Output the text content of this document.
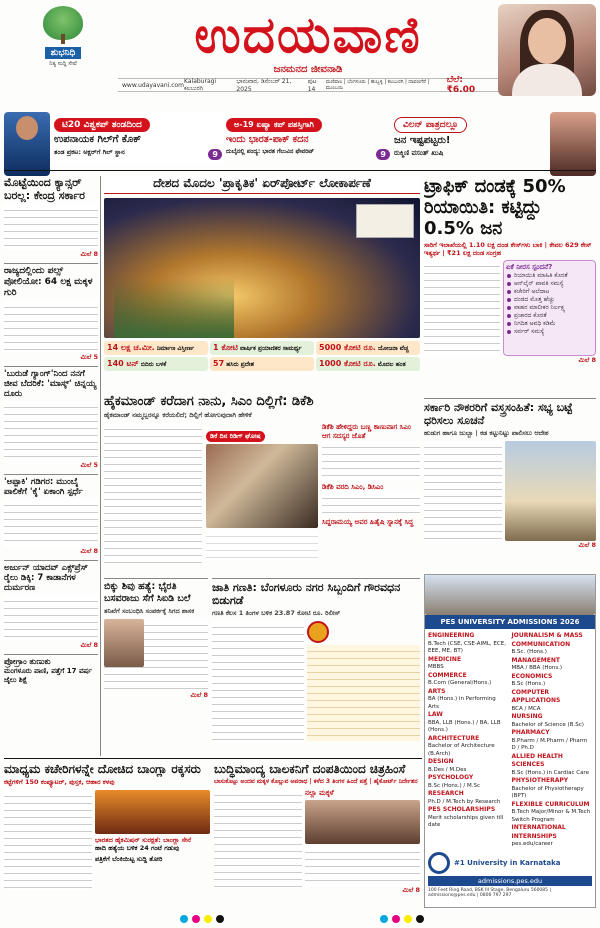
ಶುಭನಿಧಿ
ನಿತ್ಯ ಸುದ್ದಿ ಸೇವೆ	ಉದಯವಾಣಿ
ಜನಮನದ ಜೀವನಾಡಿ
www.udayavani.com
Kalaburagi ಕಲಬುರಗಿ
ಭಾನುವಾರ, ಡಿಸೆಂಬರ್ 21, 2025
ಪುಟ 14
ಮಣಿಪಾಲ | ಬೆಂಗಳೂರು | ಹುಬ್ಬಳ್ಳಿ | ಕಲಬುರಗಿ | ದಾವಣಗೆರೆ | ಮುಂಬಯಿ
ಬೆಲೆ: ₹6.00
ಟಿ20 ವಿಶ್ವಕಪ್ ತಂಡದಿಂದ
ಉಪನಾಯಕ ಗಿಲ್‌ಗೆ ಕೊಕ್
ತಂಡ ಪ್ರಕಟ: ಅಕ್ಷರ್‌ಗೆ ಗಿಲ್ ಸ್ಥಾನ	9
ಅ-19 ಏಷ್ಯಾ ಕಪ್ ಪಶಸ್ತಿಗಾಗಿ
ಇಂದು ಭಾರತ-ಪಾಕ್ ಕದನ
ದುಬೈನಲ್ಲಿ ಪಂದ್ಯ: ಭಾರತ ಗೆಲುವಿನ ಫೇವರಿಟ್	9
ವಿಲನ್ ಪಾತ್ರದಲ್ಲೂ
ಜನ ಇಷ್ಟಪಟ್ಟರು!
ರುಕ್ಮಿಣಿ ವಸಂತ್ ಖುಷಿ
ಮೊಟ್ಟೆಯಿಂದ ಕ್ಯಾನ್ಸರ್ ಬರಲ್ಲ: ಕೇಂದ್ರ ಸರ್ಕಾರ
ಮಿಲೆ 8
ರಾಜ್ಯದಲ್ಲಿಂದು ಪಲ್ಸ್ ಪೋಲಿಯೋ: 64 ಲಕ್ಷ ಮಕ್ಕಳ ಗುರಿ
ಮಿಲೆ 5
'ಬುರುಡೆ ಗ್ಯಾಂಗ್'ನಿಂದ ನನಗೆ ಜೀವ ಬೆದರಿಕೆ: 'ಮಾಸ್ಕ್' ಚಿನ್ನಯ್ಯ ದೂರು
ಮಿಲೆ 5
'ಅಪ್ಪಾಕಿ' ಗಡಿಗರ: ಮುಂಬೈ ಪಾಲಿಕೆಗೆ 'ಕೈ' ಏಕಾಂಗಿ ಸ್ಪರ್ಧೆ
ಮಿಲೆ 8
ಅರ್ಜುನ್ ಯಾದವ್ ಎಕ್ಸ್‌ಪ್ರೆಸ್ ರೈಲು ಡಿಕ್ಕಿ: 7 ಕಾಡಾನೆಗಳ ದುರ್ಮರಣ
ಮಿಲೆ 8
ಪ್ರೋಗ್ರಾಂ ತುಣುಕು
ಮಂಗಳೂರು ಪಾಣಿ, ಪತ್ತೆಗೆ 17 ವರ್ಷ ಜೈಲು ಶಿಕ್ಷೆ
ದೇಶದ ಮೊದಲ 'ಪ್ರಾಕೃತಿಕ' ಏರ್‌ಪೋರ್ಟ್ ಲೋಕಾರ್ಪಣೆ
14 ಲಕ್ಷ ಚ.ಮೀ. ನಿರ್ಮಾಣ ವಿಸ್ತೀರ್ಣ	1 ಕೋಟಿ ವಾರ್ಷಿಕ ಪ್ರಯಾಣಿಕರ ಸಾಮರ್ಥ್ಯ	5000 ಕೋಟಿ ರೂ. ಯೋಜನಾ ವೆಚ್ಚ
140 ಟನ್ ಬಿದಿರು ಬಳಕೆ	57 ಹಸಿರು ಪ್ರದೇಶ	1000 ಕೋಟಿ ರೂ. ಮೊದಲ ಹಂತ
ಟ್ರಾಫಿಕ್ ದಂಡಕ್ಕೆ 50% ರಿಯಾಯಿತಿ: ಕಟ್ಟಿದ್ದು 0.5% ಜನ
ಸಾರಿಗೆ ಇಲಾಖೆಯಲ್ಲಿ 1.10 ಲಕ್ಷ ದಂಡ ಕೇಸ್‌ಗಳು ಬಾಕಿ | ಕೇವಲ 629 ಕೇಸ್ ಇತ್ಯರ್ಥ | ₹21 ಲಕ್ಷ ದಂಡ ಸಂಗ್ರಹ
ಏಕೆ ನೀರಸ ಸ್ಪಂದನೆ?
ರಿಯಾಯಿತಿ ಮಾಹಿತಿ ಕೊರತೆ
ಆನ್‌ಲೈನ್ ಪಾವತಿ ಸಮಸ್ಯೆ
ಕಚೇರಿಗೆ ಅಲೆದಾಟ
ದಂಡದ ಮೊತ್ತ ಹೆಚ್ಚು
ವಾಹನ ಮಾಲೀಕರ ನಿರ್ಲಕ್ಷ್ಯ
ಪ್ರಚಾರದ ಕೊರತೆ
ನಿಗದಿತ ಅವಧಿ ಕಡಿಮೆ
ಸರ್ವರ್ ಸಮಸ್ಯೆ
ಮಿಲೆ 8
ಹೈಕಮಾಂಡ್ ಕರೆದಾಗ ನಾನು, ಸಿಎಂ ದಿಲ್ಲಿಗೆ: ಡಿಕೆಶಿ
ಹೈಕಮಾಂಡ್ ನಮ್ಮಬ್ಬರನ್ನೂ ಕರೆಯಲಿದೆ; ದಿಲ್ಲಿಗೆ ಹೋಗುವುದಾಗಿ ಹೇಳಿಕೆ
ಡಿಕೆ ದಿನ ರಿಡಿಗ್ ಘೋಷ
ಡಿಕೆಶಿ ಹೇಳಿದ್ದರು ಬಣ್ಣ ಕಾಣುವಾಗ ಸಿಎಂ ಆಗ ಸದಸ್ಯರ ಜೊತೆ
ಡಿಕೆಶಿ ವರದಿ ಸಿಎಂ, ಡಿಸಿಎಂ
ಸಿದ್ದರಾಮಯ್ಯ ಅವರ ಹಿತೈಷಿ ಸ್ನಾನಕ್ಕೆ ಸಿದ್ಧ
ಸರ್ಕಾರಿ ನೌಕರರಿಗೆ ವಸ್ತ್ರಸಂಹಿತೆ: ಸಭ್ಯ ಬಟ್ಟೆ ಧರಿಸಲು ಸೂಚನೆ
ಹುಡುಗ ಹಾಗೂ ಜುಬ್ಬಾ | ಕಡ ಕಟ್ಟುನಿಟ್ಟು ಪಾಲಿಸಲು ಆದೇಶ
ಮಿಲೆ 8
ಬಿಕ್ಕು ಶಿವು ಹತ್ಯೆ: ಭೈರತಿ ಬಸವರಾಜು ಸೆಗೆ ಸಿಐಡಿ ಬಲೆ
ತನಿಖೆಗೆ ಸಂಬಂಧಿಸಿ ಸಂಪರ್ಕಕ್ಕೆ ಸಿಗದ ಶಾಸಕ
ಮಿಲೆ 8
ಜಾತಿ ಗಣತಿ: ಬೆಂಗಳೂರು ನಗರ ಸಿಬ್ಬಂದಿಗೆ ಗೌರವಧನ ಬಿಡುಗಡೆ
ಗಣತಿ ಕೆಲಸ 1 ತಿಂಗಳ ಬಳಿಕ 23.87 ಕೋಟಿ ರೂ. ರಿಲೀಸ್
PES UNIVERSITY ADMISSIONS 2026
ENGINEERING
B.Tech (CSE, CSE-AIML, ECE, EEE, ME, BT)
MEDICINE
MBBS
COMMERCE
B.Com (General/Hons.)
ARTS
BA (Hons.) in Performing Arts
LAW
BBA, LLB (Hons.) / BA, LLB (Hons.)
ARCHITECTURE
Bachelor of Architecture (B.Arch)
DESIGN
B.Des / M.Des
PSYCHOLOGY
B.Sc (Hons.) / M.Sc
RESEARCH
Ph.D / M.Tech by Research
PES SCHOLARSHIPS
Merit scholarships given till date
JOURNALISM & MASS COMMUNICATION
B.Sc. (Hons.)
MANAGEMENT
MBA / BBA (Hons.)
ECONOMICS
B.Sc (Hons.)
COMPUTER APPLICATIONS
BCA / MCA
NURSING
Bachelor of Science (B.Sc)
PHARMACY
B.Pharm / M.Pharm / Pharm D / Ph.D
ALLIED HEALTH SCIENCES
B.Sc (Hons.) in Cardiac Care
PHYSIOTHERAPY
Bachelor of Physiotherapy (BPT)
FLEXIBLE CURRICULUM
B.Tech Major/Minor & M.Tech Switch Program
INTERNATIONAL INTERNSHIPS
pes.edu/career
#1 University in Karnataka
admissions.pes.edu
100 Feet Ring Road, BSK III Stage, Bengaluru 560085 | admissions@pes.edu | 0806 797 297
ಮಾಧ್ಯಮ ಕಚೇರಿಗಳನ್ನೇ ದೋಚಿದ ಬಾಂಗ್ಲಾ ರಕ್ಕಸರು
ಕಟ್ಟೆಗಳಿಗೆ 150 ಕಂಪ್ಯೂಟರ್, ಪುಸ್ತಕ, ಆಹಾರ ಕಳವು
ಭಾರತದ ಹೈಕಮಿಷನ್ ಸುರಕ್ಷತೆ: ಬಾಂಗ್ಲಾ ಸೇನೆ
ಹಾದಿ ಹತ್ಯೆಯ ಬಳಿಕ 24 ಗಂಟೆ ಗಡುವು
ಪತ್ರಿಕೆಗೆ ಬೆಂಕಿಯಿಟ್ಟ ಸುದ್ದಿ ತೋರಿ
ಬುದ್ಧಿಮಾಂದ್ಯ ಬಾಲಕನಿಗೆ ದಂಪತಿಯಿಂದ ಚಿತ್ರಹಿಂಸೆ
ಬಾಸುಕೊಟ್ಟು ಅಂದವ ಮಕ್ಕಳ ಕೊಲ್ಲುವ ಅಪರಾಧ | ಕಳೆದ 3 ತಿಂಗಳ ಹಿಂದೆ ಪತ್ತೆ | ಹೈಕೋರ್ಟ್ ನಿರ್ದೇಶನ
ನಲ್ಲಾ ಮಕ್ಕಳೆ
ಮಿಲೆ 8
